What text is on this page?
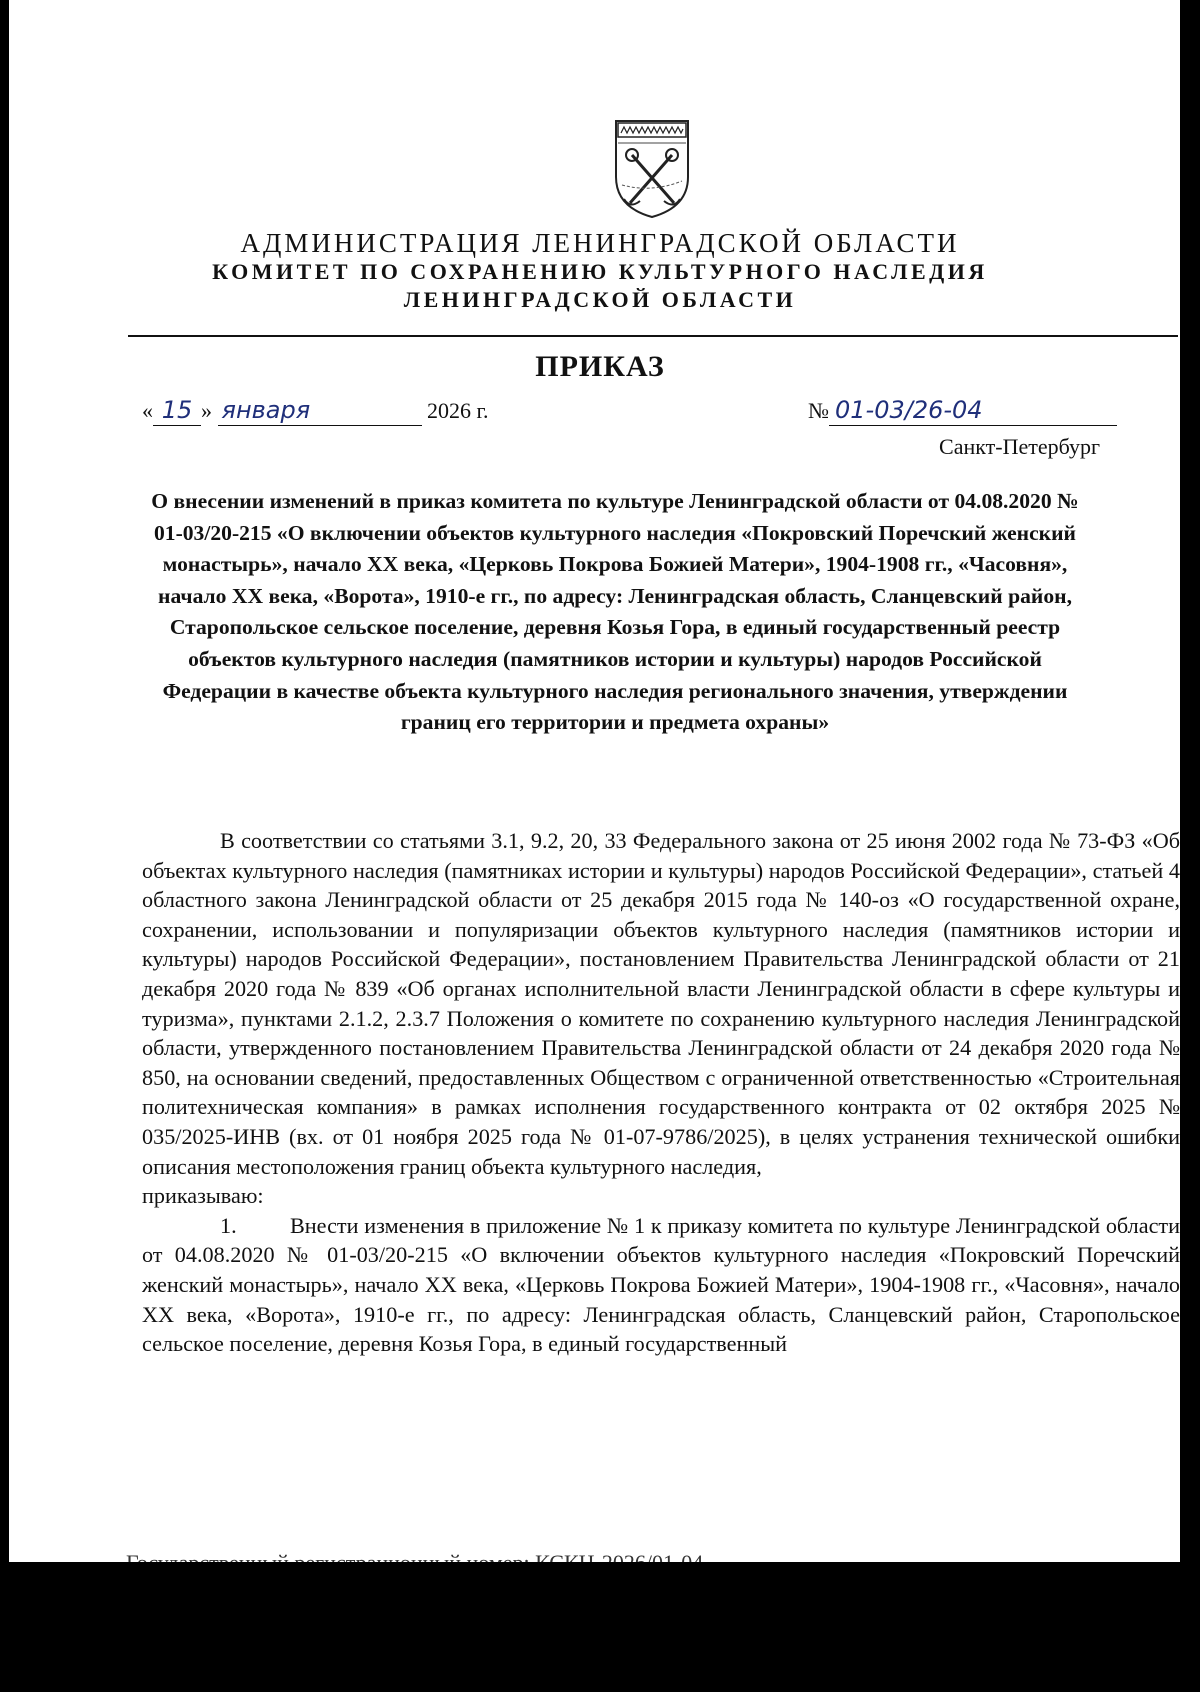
АДМИНИСТРАЦИЯ ЛЕНИНГРАДСКОЙ ОБЛАСТИ
КОМИТЕТ ПО СОХРАНЕНИЮ КУЛЬТУРНОГО НАСЛЕДИЯ
ЛЕНИНГРАДСКОЙ ОБЛАСТИ
ПРИКАЗ
« 15 » января	2026 г.	№ 01-03/26-04
Санкт-Петербург
О внесении изменений в приказ комитета по культуре Ленинградской области от 04.08.2020 № 01-03/20-215 «О включении объектов культурного наследия «Покровский Поречский женский монастырь», начало XX века, «Церковь Покрова Божией Матери», 1904-1908 гг., «Часовня», начало XX века, «Ворота», 1910-е гг., по адресу: Ленинградская область, Сланцевский район, Старопольское сельское поселение, деревня Козья Гора, в единый государственный реестр объектов культурного наследия (памятников истории и культуры) народов Российской Федерации в качестве объекта культурного наследия регионального значения, утверждении границ его территории и предмета охраны»

В соответствии со статьями 3.1, 9.2, 20, 33 Федерального закона от 25 июня 2002 года № 73-ФЗ «Об объектах культурного наследия (памятниках истории и культуры) народов Российской Федерации», статьей 4 областного закона Ленинградской области от 25 декабря 2015 года № 140-оз «О государственной охране, сохранении, использовании и популяризации объектов культурного наследия (памятников истории и культуры) народов Российской Федерации», постановлением Правительства Ленинградской области от 21 декабря 2020 года № 839 «Об органах исполнительной власти Ленинградской области в сфере культуры и туризма», пунктами 2.1.2, 2.3.7 Положения о комитете по сохранению культурного наследия Ленинградской области, утвержденного постановлением Правительства Ленинградской области от 24 декабря 2020 года № 850, на основании сведений, предоставленных Обществом с ограниченной ответственностью «Строительная политехническая компания» в рамках исполнения государственного контракта от 02 октября 2025 № 035/2025-ИНВ (вх. от 01 ноября 2025 года № 01-07-9786/2025), в целях устранения технической ошибки описания местоположения границ объекта культурного наследия,

приказываю:

1. Внести изменения в приложение № 1 к приказу комитета по культуре Ленинградской области от 04.08.2020 № 01-03/20-215 «О включении объектов культурного наследия «Покровский Поречский женский монастырь», начало XX века, «Церковь Покрова Божией Матери», 1904-1908 гг., «Часовня», начало XX века, «Ворота», 1910-е гг., по адресу: Ленинградская область, Сланцевский район, Старопольское сельское поселение, деревня Козья Гора, в единый государственный
